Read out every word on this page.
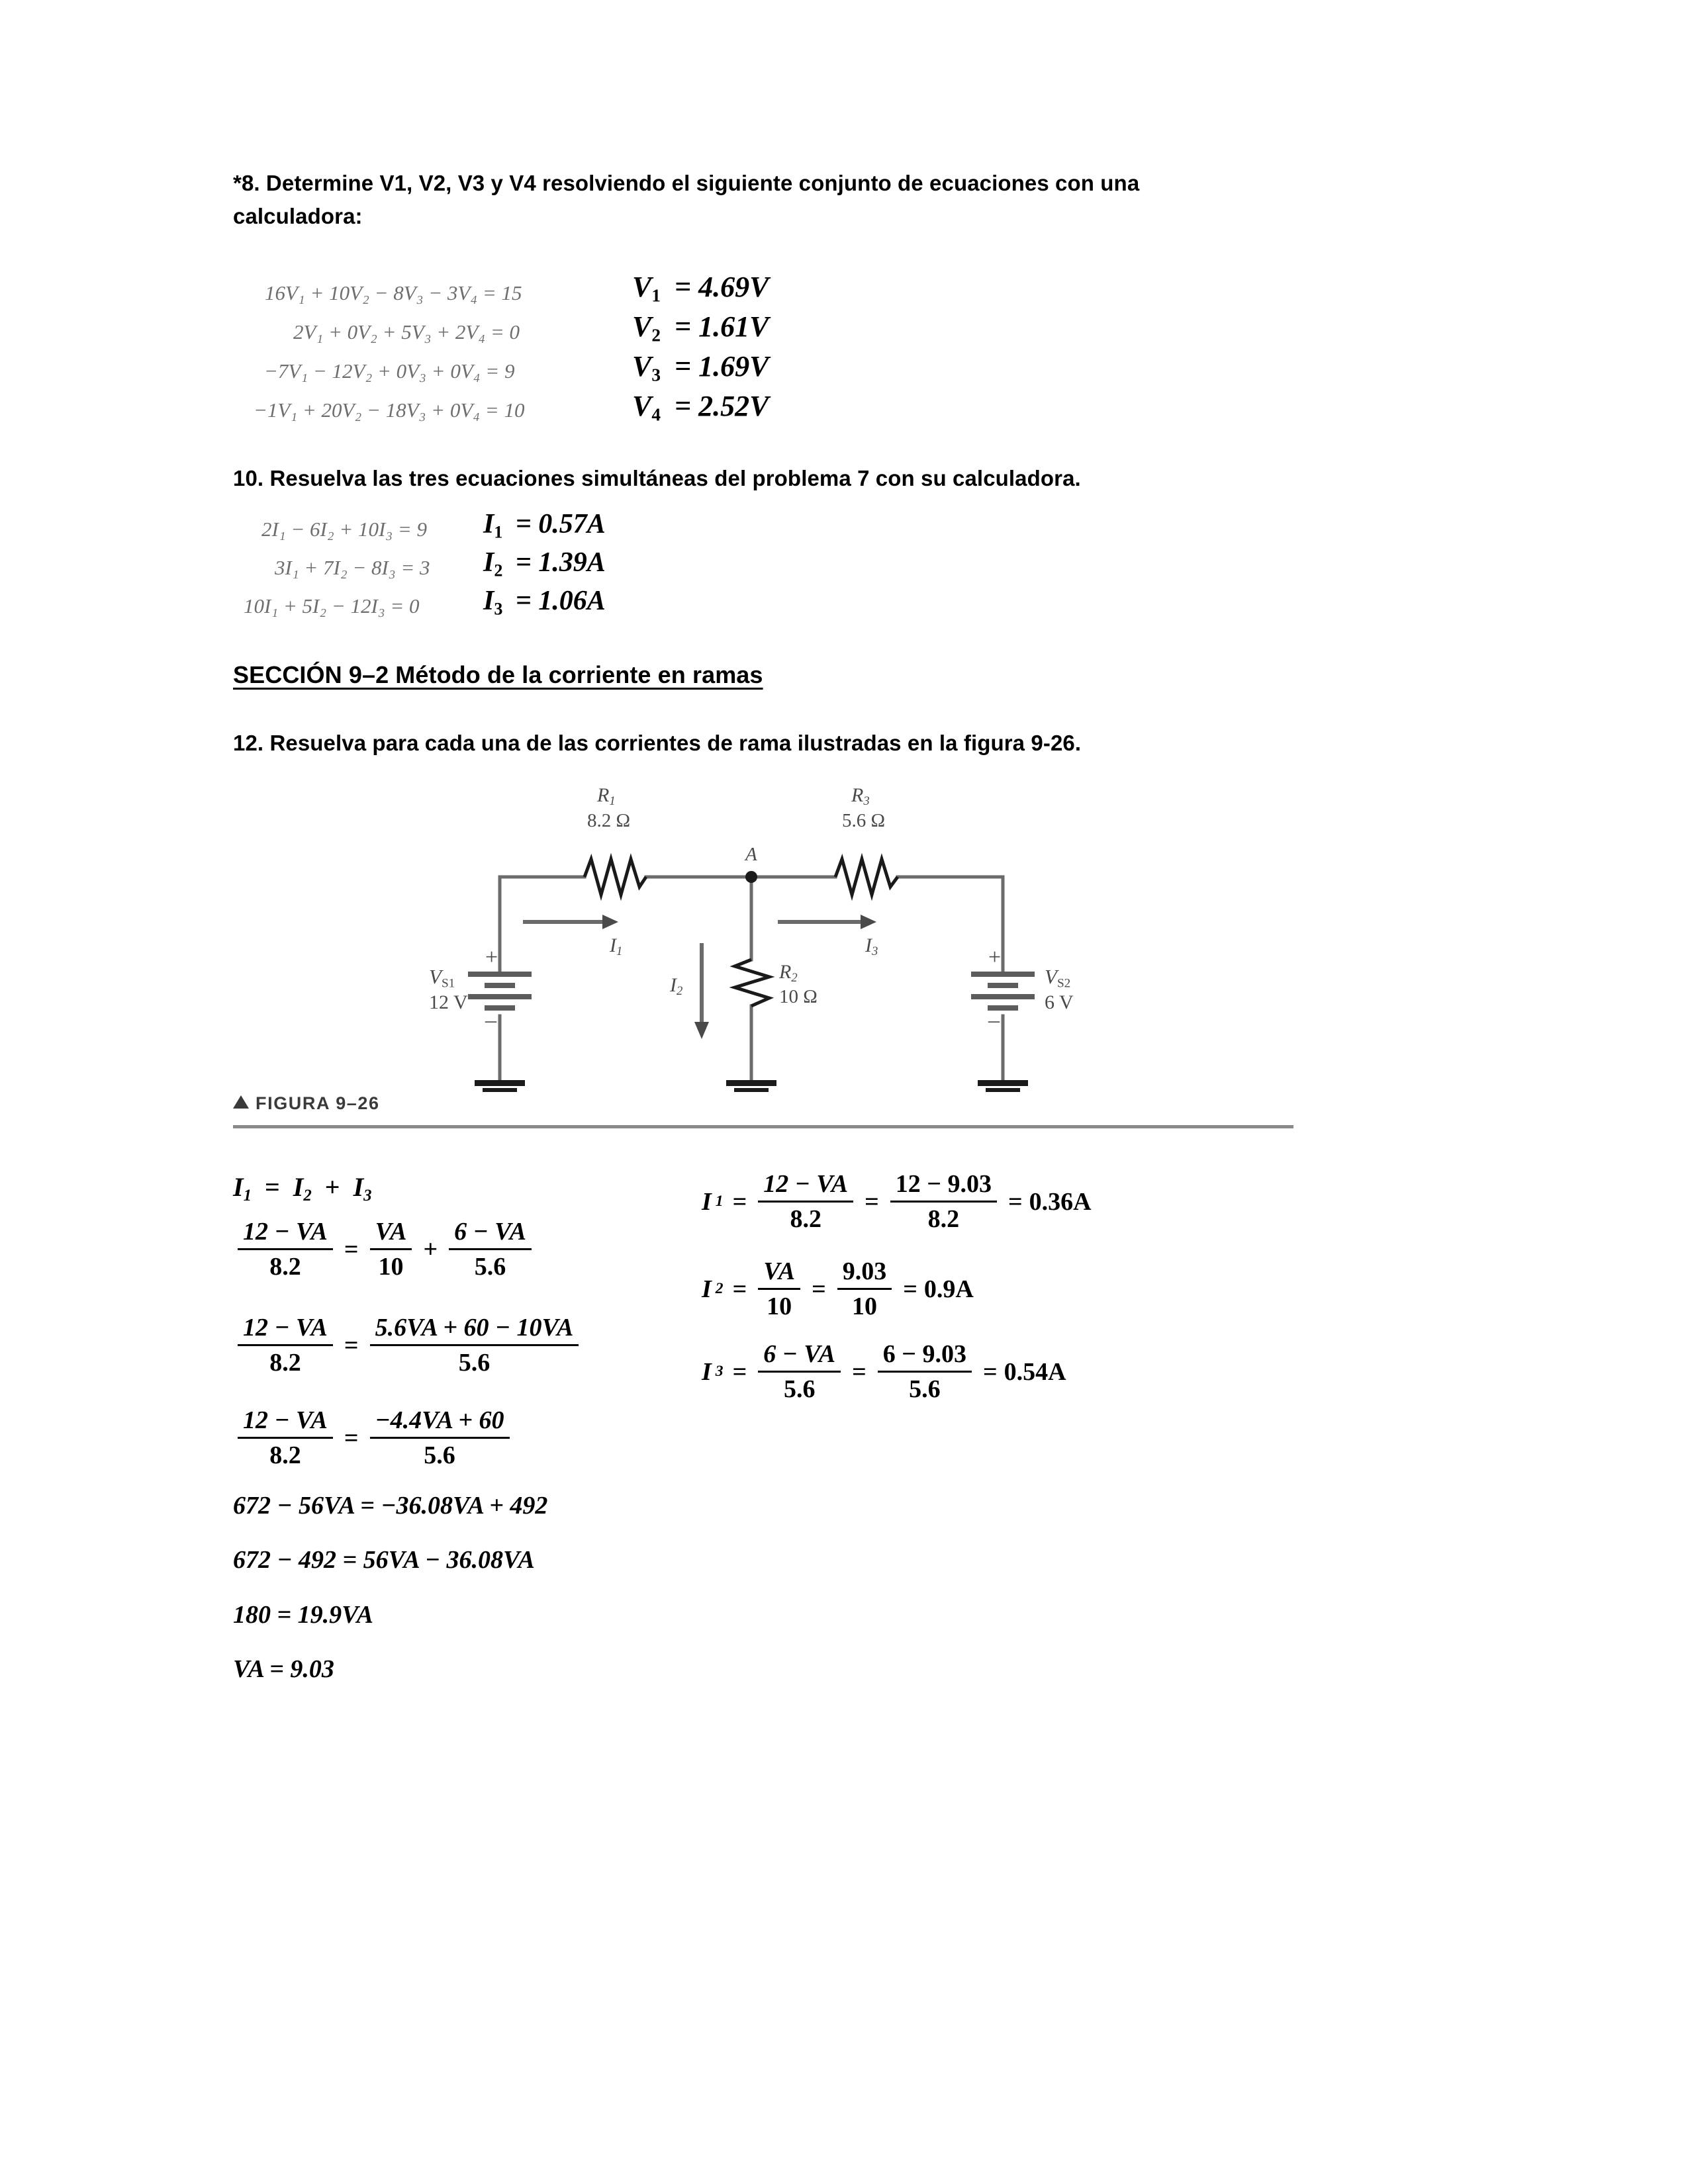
*8. Determine V1, V2, V3 y V4 resolviendo el siguiente conjunto de ecuaciones con una
calculadora:
16V₁ + 10V₂ − 8V₃ − 3V₄ = 15
2V₁ + 0V₂ + 5V₃ + 2V₄ = 0
−7V₁ − 12V₂ + 0V₃ + 0V₄ = 9
−1V₁ + 20V₂ − 18V₃ + 0V₄ = 10
$V_1 = 4.69V$
$V_2 = 1.61V$
$V_3 = 1.69V$
$V_4 = 2.52V$
10. Resuelva las tres ecuaciones simultáneas del problema 7 con su calculadora.
2I₁ − 6I₂ + 10I₃ = 9
3I₁ + 7I₂ − 8I₃ = 3
10I₁ + 5I₂ − 12I₃ = 0
$I_1 = 0.57A$
$I_2 = 1.39A$
$I_3 = 1.06A$
SECCIÓN 9–2 Método de la corriente en ramas
12. Resuelva para cada una de las corrientes de rama ilustradas en la figura 9-26.
+
–
+
–
$R_1$
8.2 Ω
$R_3$
5.6 Ω
$R_2$
10 Ω
A
$V_{S1}$
12 V
$V_{S2}$
6 V
$I_1$
$I_2$
$I_3$
FIGURA 9–26
$I_1 = I_2 + I_3$
$\frac{12 - VA}{8.2} = \frac{VA}{10} + \frac{6 - VA}{5.6}$
$\frac{12 - VA}{8.2} = \frac{5.6VA + 60 - 10VA}{5.6}$
$\frac{12 - VA}{8.2} = \frac{-4.4VA + 60}{5.6}$
672 − 56VA = −36.08VA + 492
672 − 492 = 56VA − 36.08VA
180 = 19.9VA
VA = 9.03
I $1 = \frac{12 - VA}{8.2} = \frac{12 - 9.03}{8.2} = 0.36A$
I $2 = \frac{VA}{10} = \frac{9.03}{10} = 0.9A$
I $3 = \frac{6 - VA}{5.6} = \frac{6 - 9.03}{5.6} = 0.54A$
